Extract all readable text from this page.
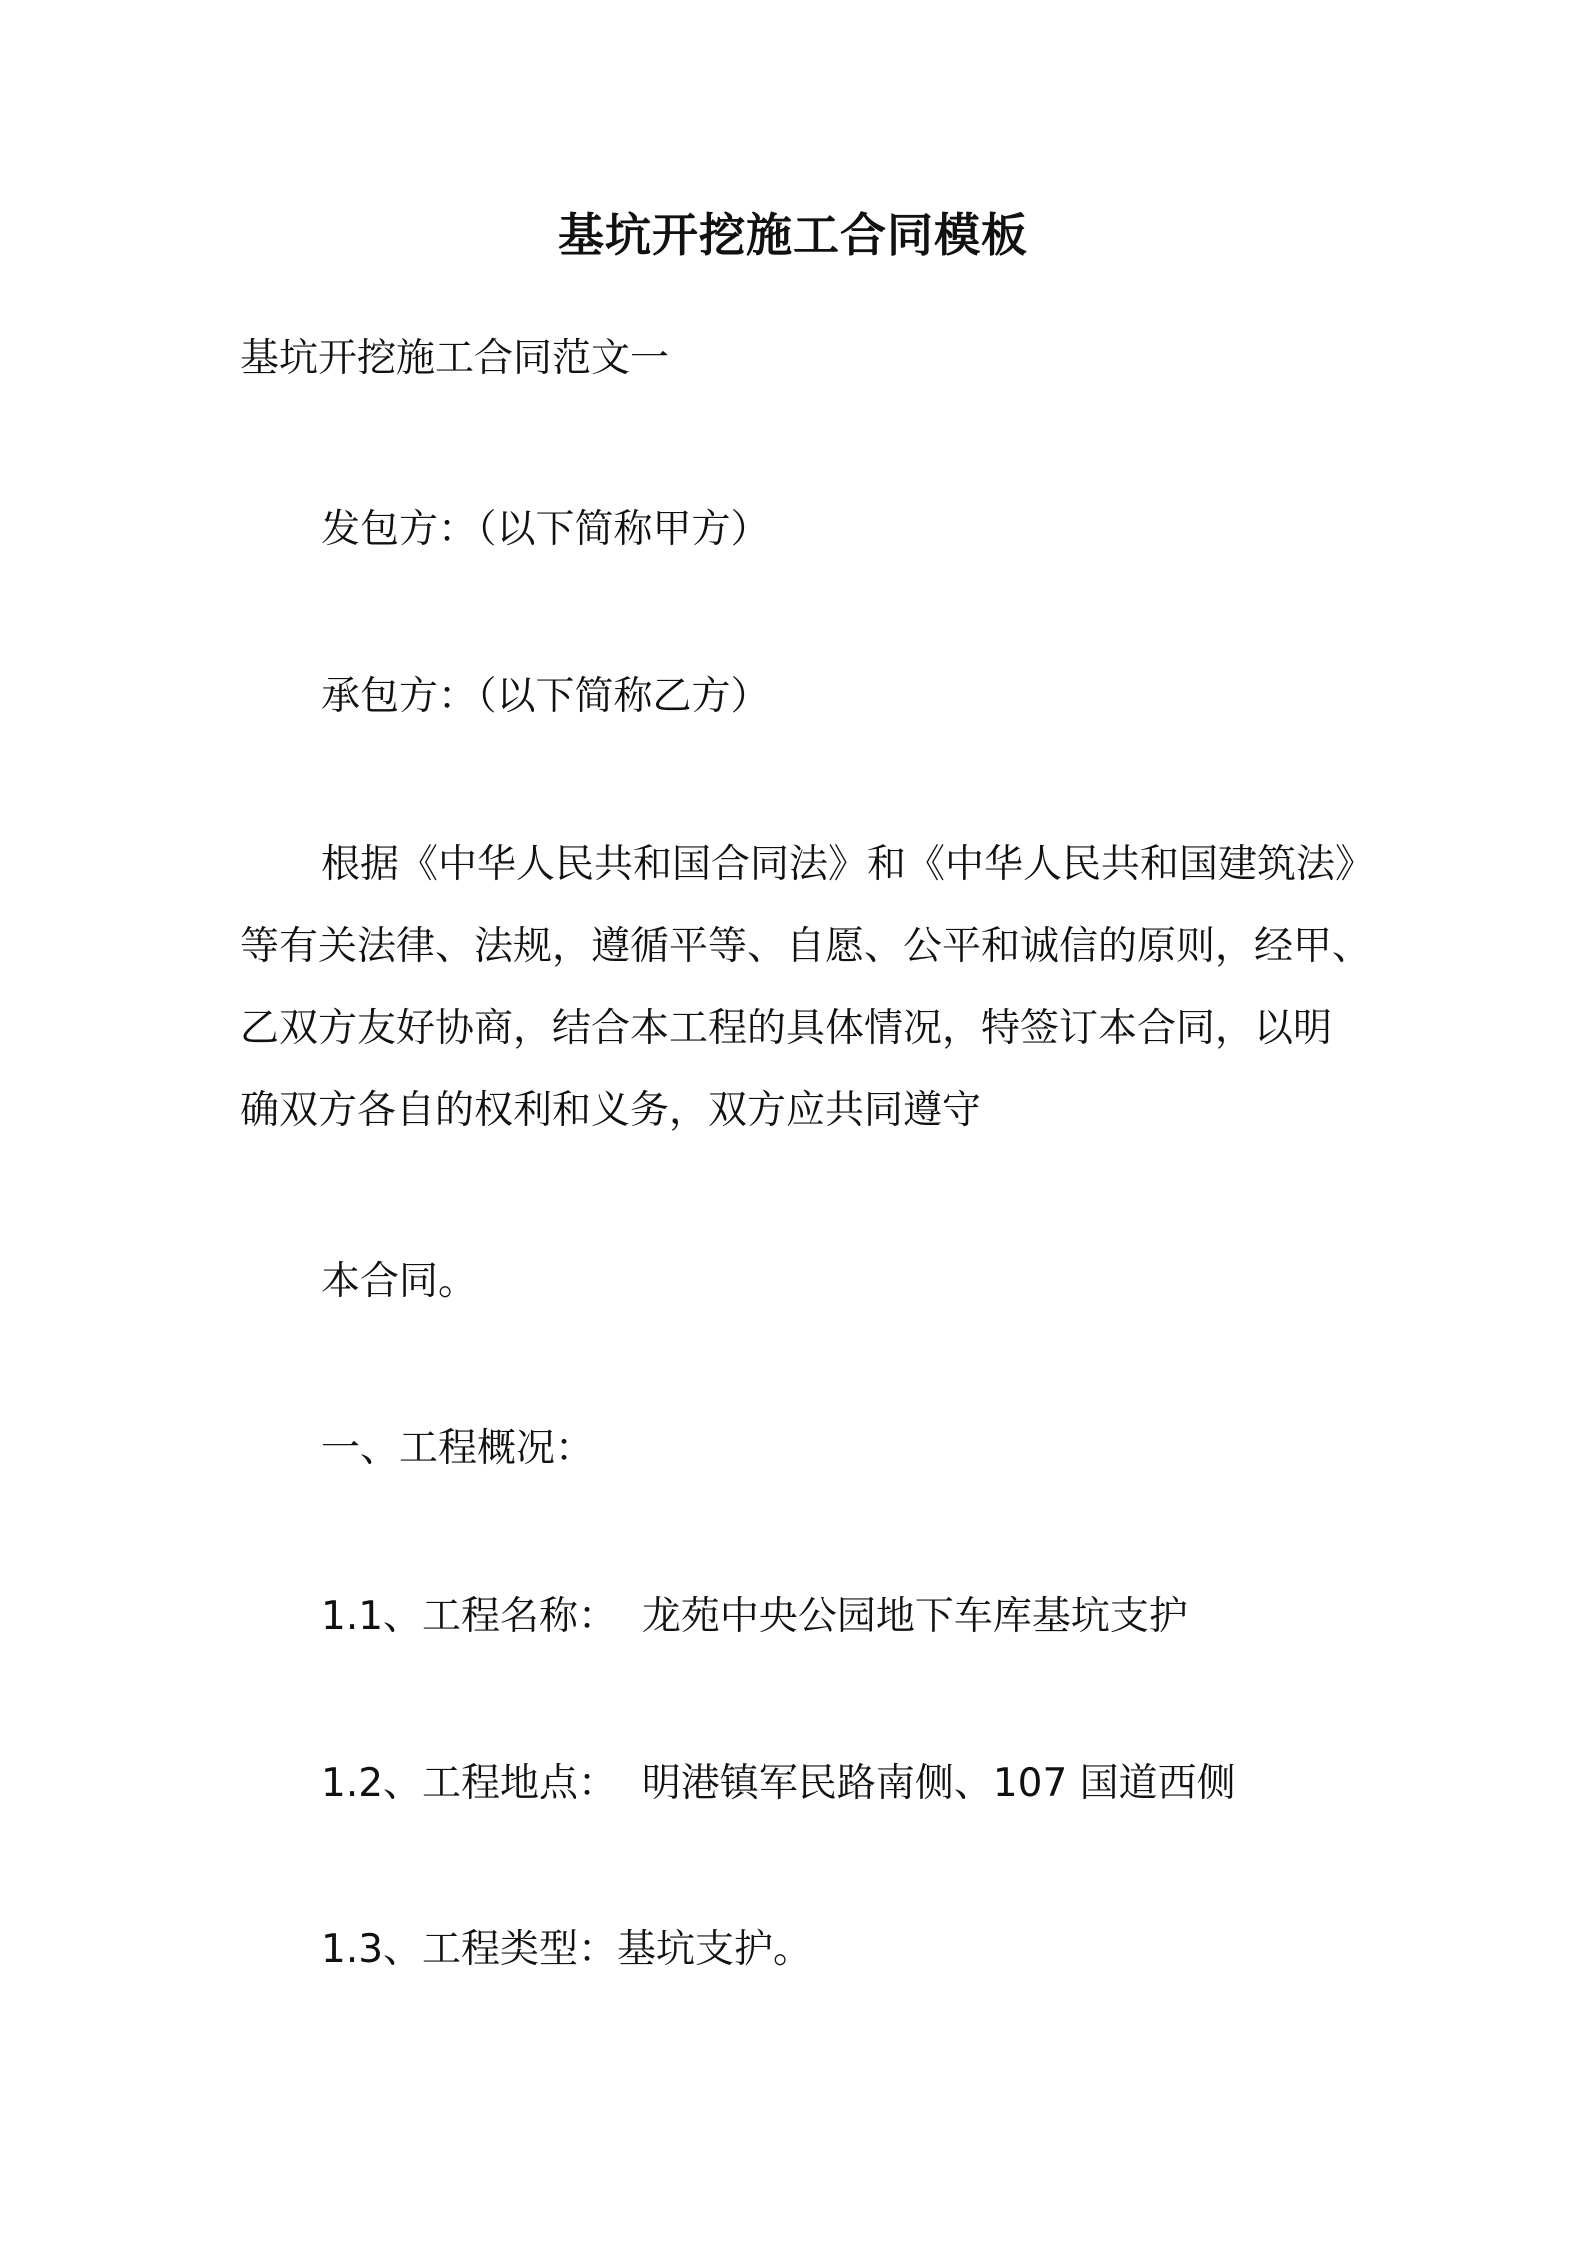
基坑开挖施工合同模板
基坑开挖施工合同范文一
发包方：（以下简称甲方）
承包方：（以下简称乙方）
根据《中华人民共和国合同法》和《中华人民共和国建筑法》
等有关法律、法规，遵循平等、自愿、公平和诚信的原则，经甲、
乙双方友好协商，结合本工程的具体情况，特签订本合同，以明
确双方各自的权利和义务，双方应共同遵守
本合同。
一、工程概况：
1.1、工程名称：  龙苑中央公园地下车库基坑支护
1.2、工程地点：  明港镇军民路南侧、107 国道西侧
1.3、工程类型：基坑支护。
